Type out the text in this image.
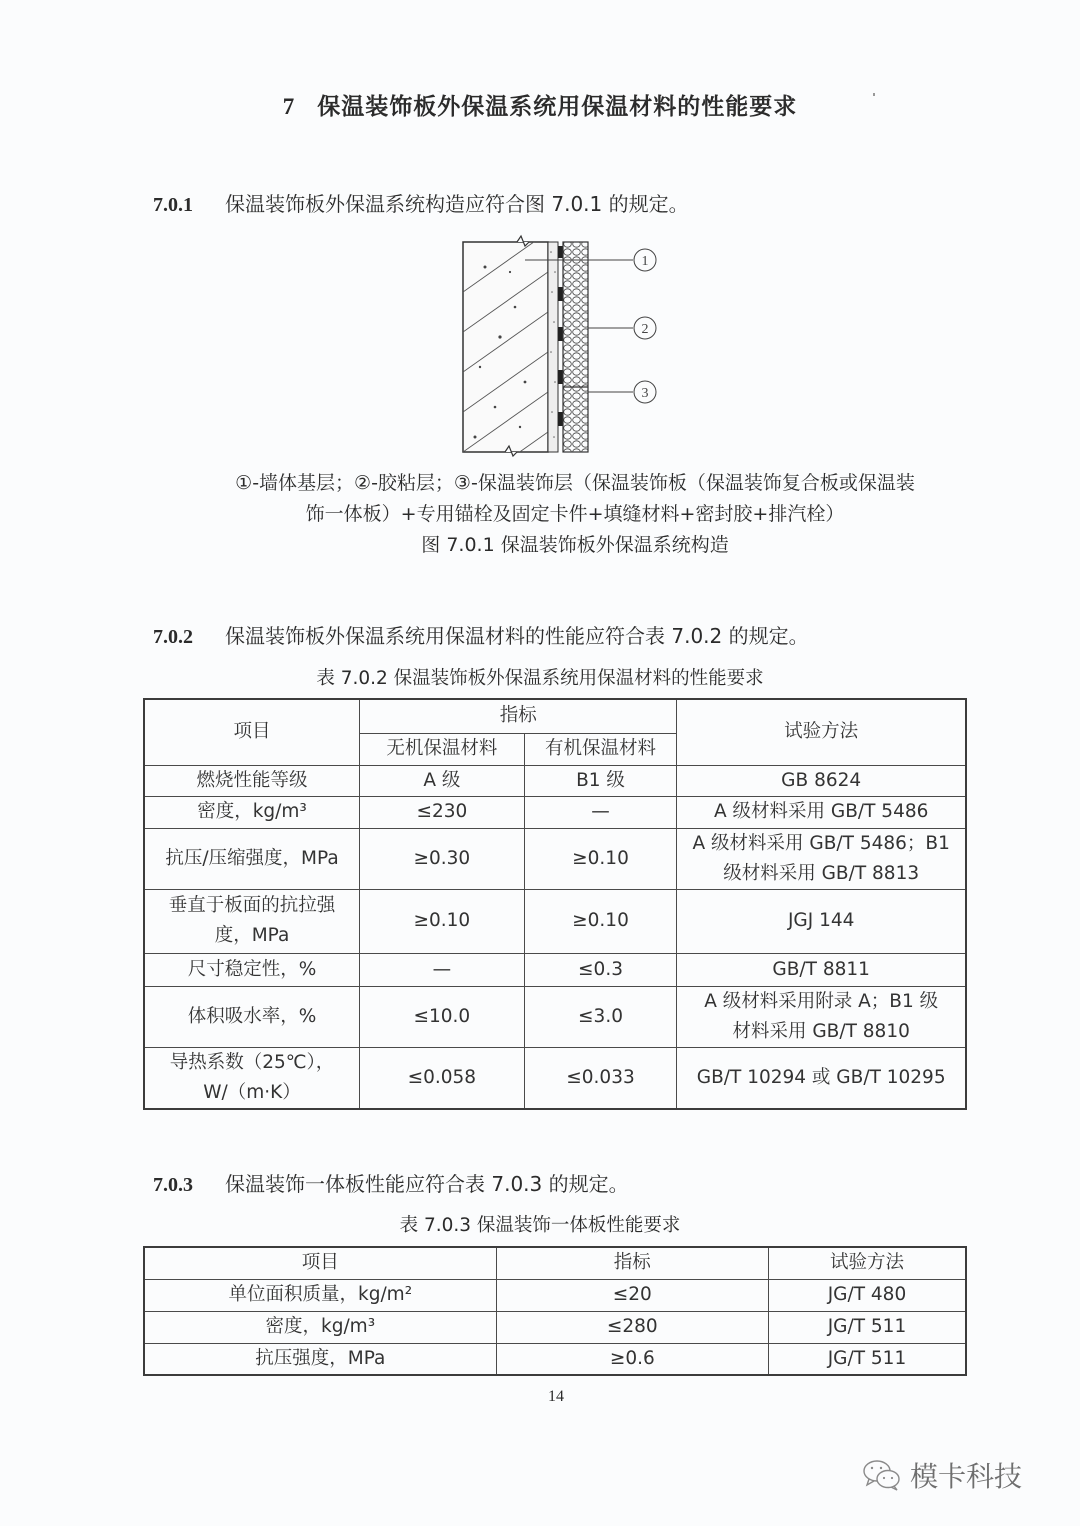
7 保温装饰板外保温系统用保温材料的性能要求
7.0.1 保温装饰板外保温系统构造应符合图 7.0.1 的规定。
1
2
3
①-墙体基层；②-胶粘层；③-保温装饰层（保温装饰板（保温装饰复合板或保温装
饰一体板）+专用锚栓及固定卡件+填缝材料+密封胶+排汽栓）
图 7.0.1 保温装饰板外保温系统构造
7.0.2 保温装饰板外保温系统用保温材料的性能应符合表 7.0.2 的规定。
表 7.0.2 保温装饰板外保温系统用保温材料的性能要求
项目	指标		试验方法
	无机保温材料	有机保温材料	
燃烧性能等级	A 级	B1 级	GB 8624
密度，kg/m³	≤230	—	A 级材料采用 GB/T 5486
抗压/压缩强度，MPa	≥0.30	≥0.10	A 级材料采用 GB/T 5486；B1
级材料采用 GB/T 8813

垂直于板面的抗拉强
度，MPa	≥0.10	≥0.10	JGJ 144
尺寸稳定性，%	—	≤0.3	GB/T 8811
体积吸水率，%	≤10.0	≤3.0	A 级材料采用附录 A；B1 级
材料采用 GB/T 8810

导热系数（25℃），
W/（m·K）	≤0.058	≤0.033	GB/T 10294 或 GB/T 10295
7.0.3 保温装饰一体板性能应符合表 7.0.3 的规定。
表 7.0.3 保温装饰一体板性能要求
项目	指标	试验方法
单位面积质量，kg/m²	≤20	JG/T 480
密度，kg/m³	≤280	JG/T 511
抗压强度，MPa	≥0.6	JG/T 511
14
模卡科技
